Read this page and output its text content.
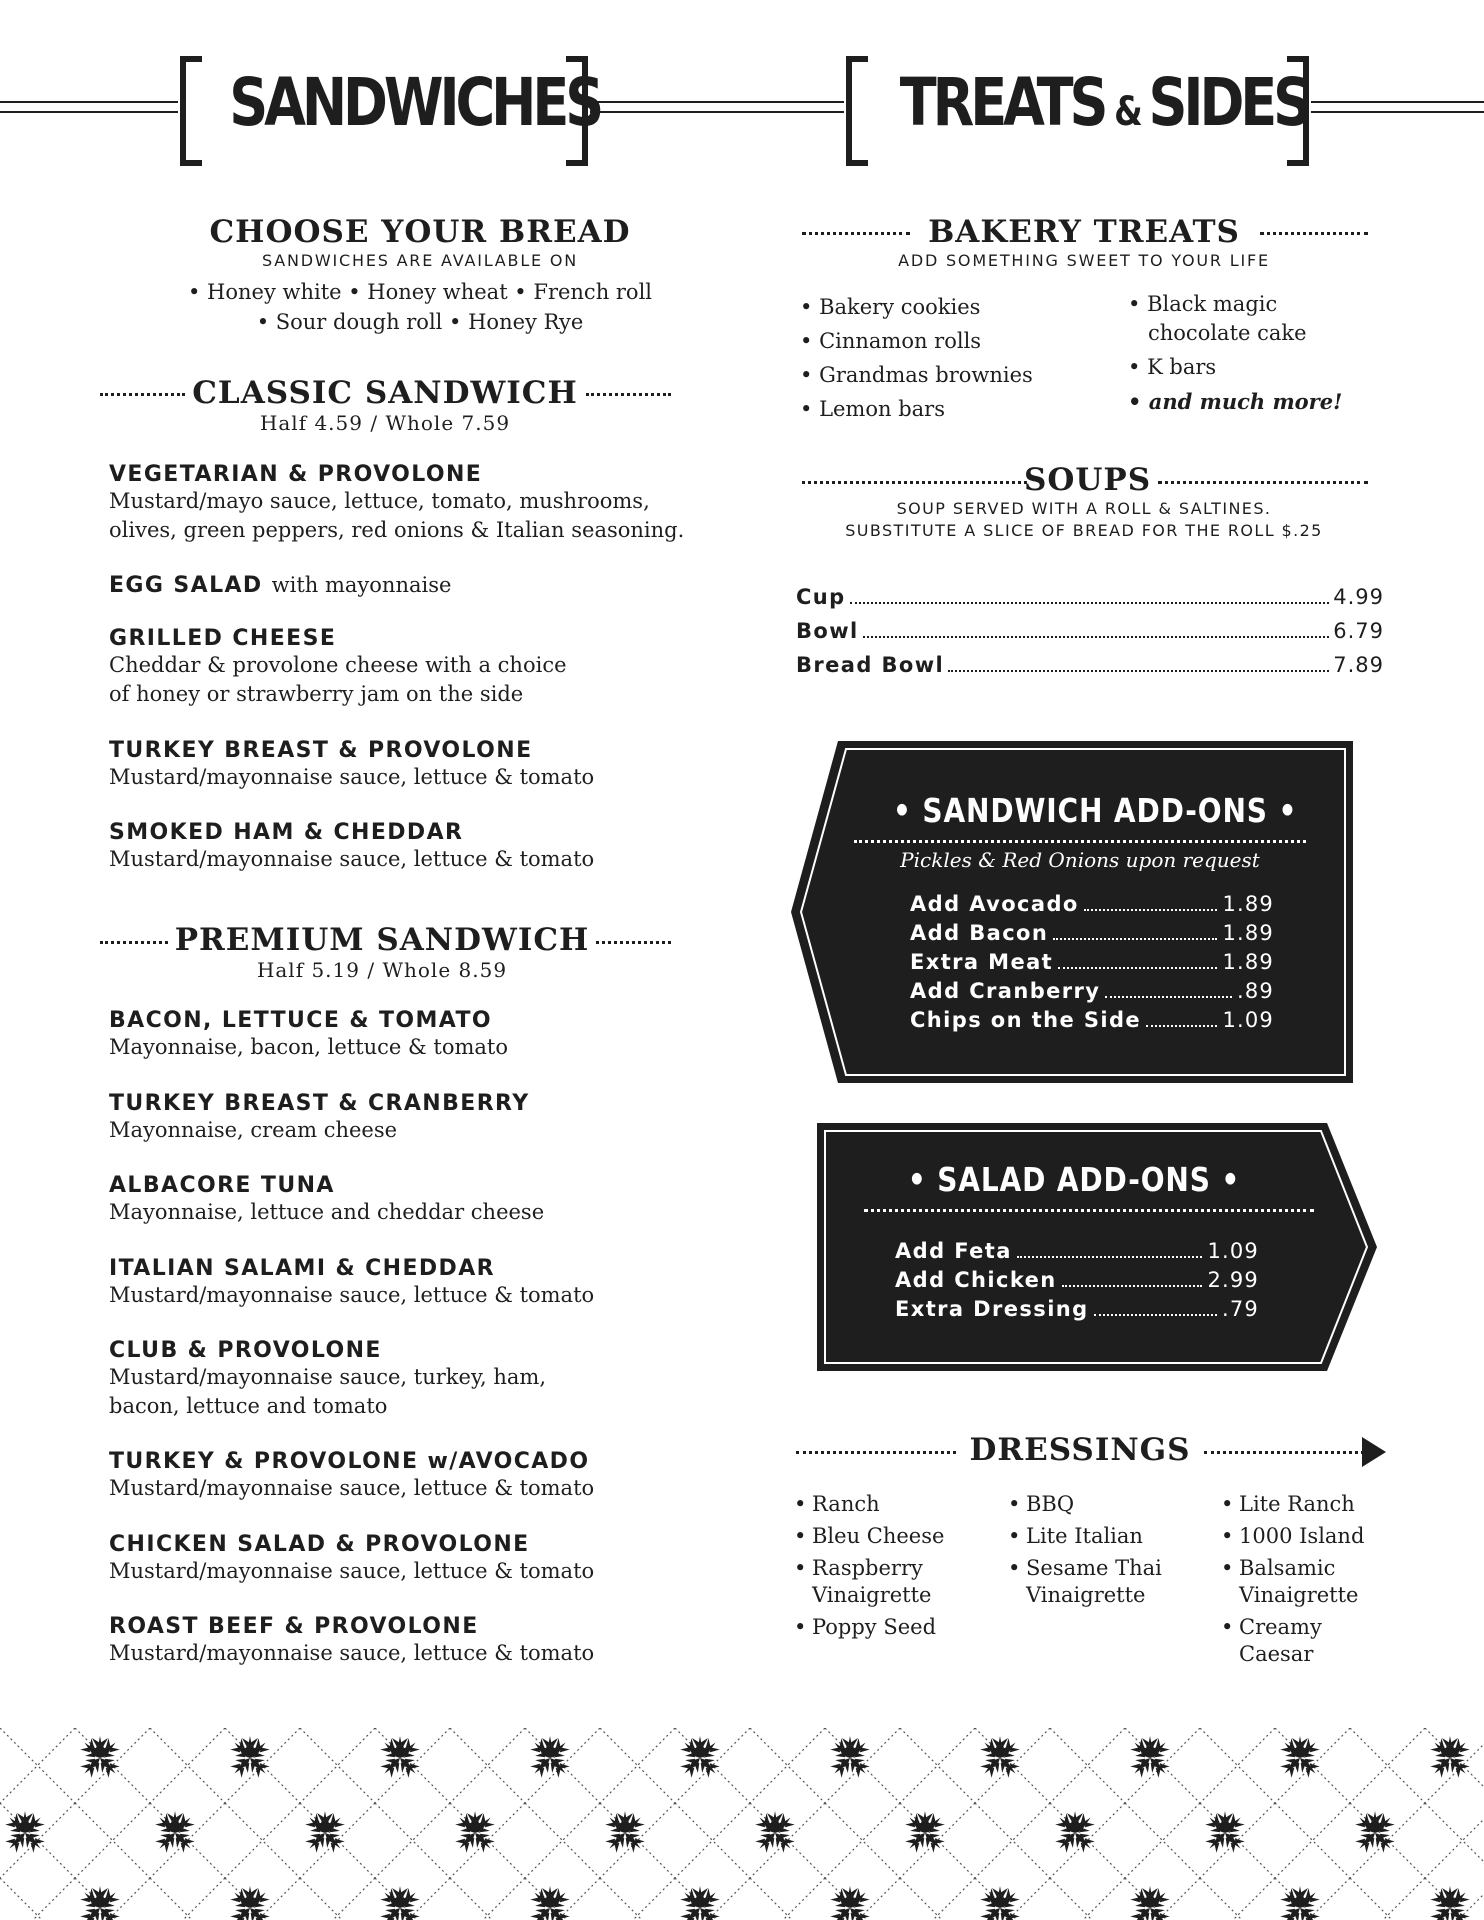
SANDWICHES	TREATS & SIDES
CHOOSE YOUR BREAD
SANDWICHES ARE AVAILABLE ON
• Honey white • Honey wheat • French roll
• Sour dough roll • Honey Rye
CLASSIC SANDWICH
Half 4.59 / Whole 7.59
VEGETARIAN & PROVOLONE
Mustard/mayo sauce, lettuce, tomato, mushrooms,
olives, green peppers, red onions & Italian seasoning.
EGG SALAD with mayonnaise
GRILLED CHEESE
Cheddar & provolone cheese with a choice
of honey or strawberry jam on the side
TURKEY BREAST & PROVOLONE
Mustard/mayonnaise sauce, lettuce & tomato
SMOKED HAM & CHEDDAR
Mustard/mayonnaise sauce, lettuce & tomato
PREMIUM SANDWICH
Half 5.19 / Whole 8.59
BACON, LETTUCE & TOMATO
Mayonnaise, bacon, lettuce & tomato
TURKEY BREAST & CRANBERRY
Mayonnaise, cream cheese
ALBACORE TUNA
Mayonnaise, lettuce and cheddar cheese
ITALIAN SALAMI & CHEDDAR
Mustard/mayonnaise sauce, lettuce & tomato
CLUB & PROVOLONE
Mustard/mayonnaise sauce, turkey, ham,
bacon, lettuce and tomato
TURKEY & PROVOLONE w/AVOCADO
Mustard/mayonnaise sauce, lettuce & tomato
CHICKEN SALAD & PROVOLONE
Mustard/mayonnaise sauce, lettuce & tomato
ROAST BEEF & PROVOLONE
Mustard/mayonnaise sauce, lettuce & tomato
BAKERY TREATS
ADD SOMETHING SWEET TO YOUR LIFE
• Bakery cookies
• Cinnamon rolls
• Grandmas brownies
• Lemon bars
• Black magic
chocolate cake
• K bars
• and much more!
SOUPS
SOUP SERVED WITH A ROLL & SALTINES.
SUBSTITUTE A SLICE OF BREAD FOR THE ROLL $.25
Cup	4.99
Bowl	6.79
Bread Bowl	7.89
• SANDWICH ADD-ONS •
Pickles & Red Onions upon request
Add Avocado	1.89
Add Bacon	1.89
Extra Meat	1.89
Add Cranberry	.89
Chips on the Side	1.09
• SALAD ADD-ONS •
Add Feta	1.09
Add Chicken	2.99
Extra Dressing	.79
DRESSINGS
• Ranch
• Bleu Cheese
• Raspberry
Vinaigrette
• Poppy Seed
• BBQ
• Lite Italian
• Sesame Thai
Vinaigrette
• Lite Ranch
• 1000 Island
• Balsamic
Vinaigrette
• Creamy
Caesar
